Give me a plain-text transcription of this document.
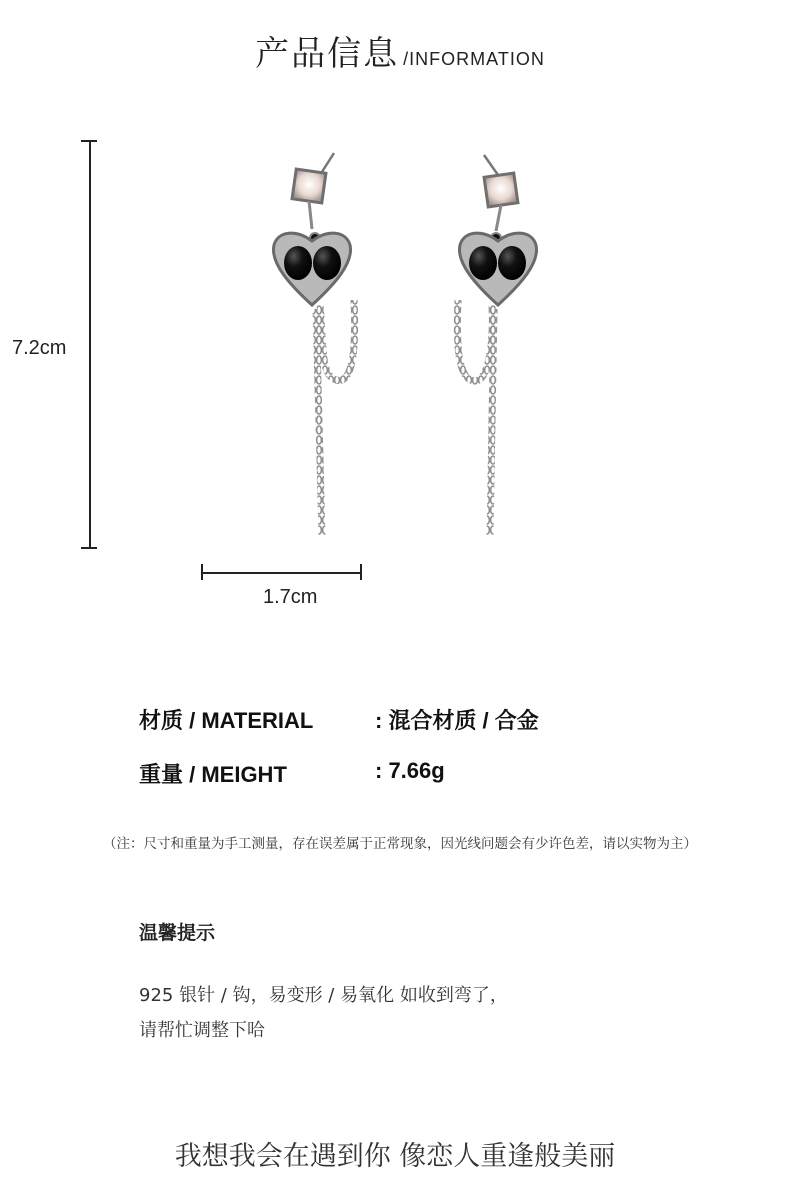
产品信息 /INFORMATION
7.2cm
1.7cm
材质 / MATERIAL	: 混合材质 / 合金
重量 / MEIGHT	: 7.66g
（注：尺寸和重量为手工测量，存在误差属于正常现象，因光线问题会有少许色差，请以实物为主）
温馨提示
925 银针 / 钩，易变形 / 易氧化 如收到弯了，
请帮忙调整下哈
我想我会在遇到你 像恋人重逢般美丽
